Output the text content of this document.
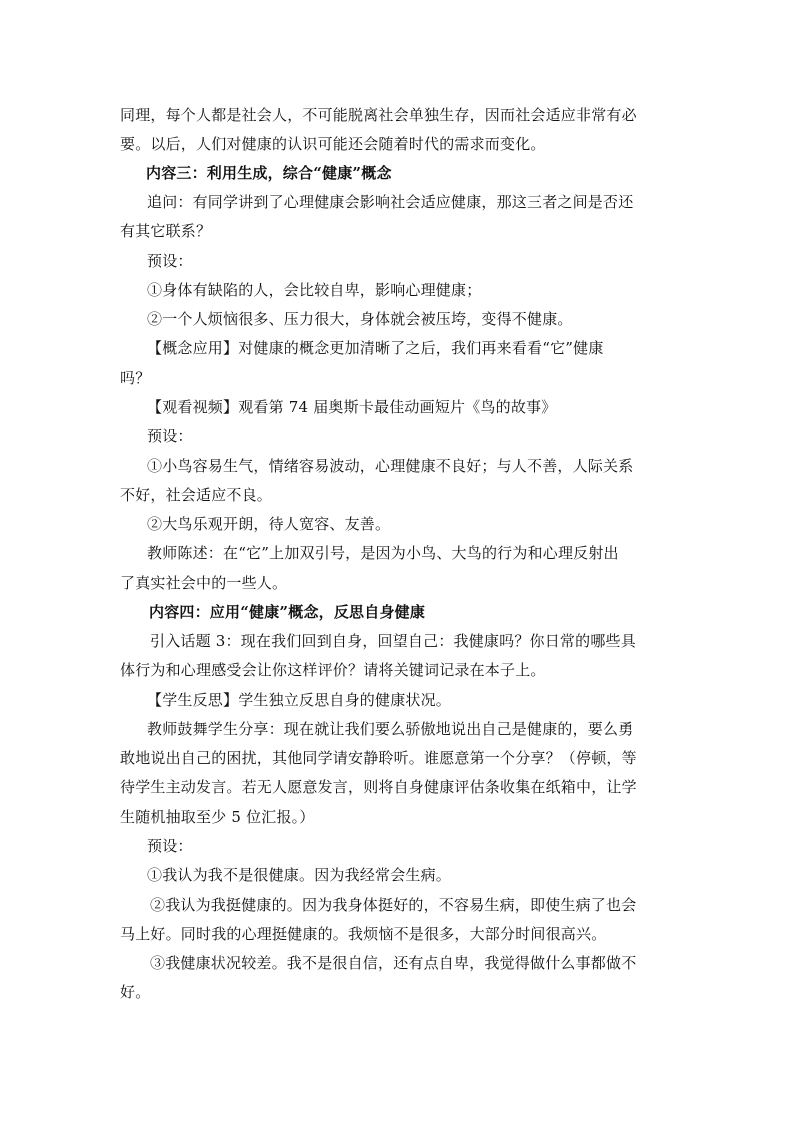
同理，每个人都是社会人，不可能脱离社会单独生存，因而社会适应非常有必
要。以后，人们对健康的认识可能还会随着时代的需求而变化。
内容三：利用生成，综合“健康”概念
追问：有同学讲到了心理健康会影响社会适应健康，那这三者之间是否还
有其它联系？
预设：
①身体有缺陷的人，会比较自卑，影响心理健康；
②一个人烦恼很多、压力很大，身体就会被压垮，变得不健康。
【概念应用】对健康的概念更加清晰了之后，我们再来看看“它”健康
吗？
【观看视频】观看第 74 届奥斯卡最佳动画短片《鸟的故事》
预设：
①小鸟容易生气，情绪容易波动，心理健康不良好；与人不善，人际关系
不好，社会适应不良。
②大鸟乐观开朗，待人宽容、友善。
教师陈述：在“它”上加双引号，是因为小鸟、大鸟的行为和心理反射出
了真实社会中的一些人。
内容四：应用“健康”概念，反思自身健康
引入话题 3：现在我们回到自身，回望自己：我健康吗？你日常的哪些具
体行为和心理感受会让你这样评价？请将关键词记录在本子上。
【学生反思】学生独立反思自身的健康状况。
教师鼓舞学生分享：现在就让我们要么骄傲地说出自己是健康的，要么勇
敢地说出自己的困扰，其他同学请安静聆听。谁愿意第一个分享？（停顿，等
待学生主动发言。若无人愿意发言，则将自身健康评估条收集在纸箱中，让学
生随机抽取至少 5 位汇报。）
预设：
①我认为我不是很健康。因为我经常会生病。
②我认为我挺健康的。因为我身体挺好的，不容易生病，即使生病了也会
马上好。同时我的心理挺健康的。我烦恼不是很多，大部分时间很高兴。
③我健康状况较差。我不是很自信，还有点自卑，我觉得做什么事都做不
好。
